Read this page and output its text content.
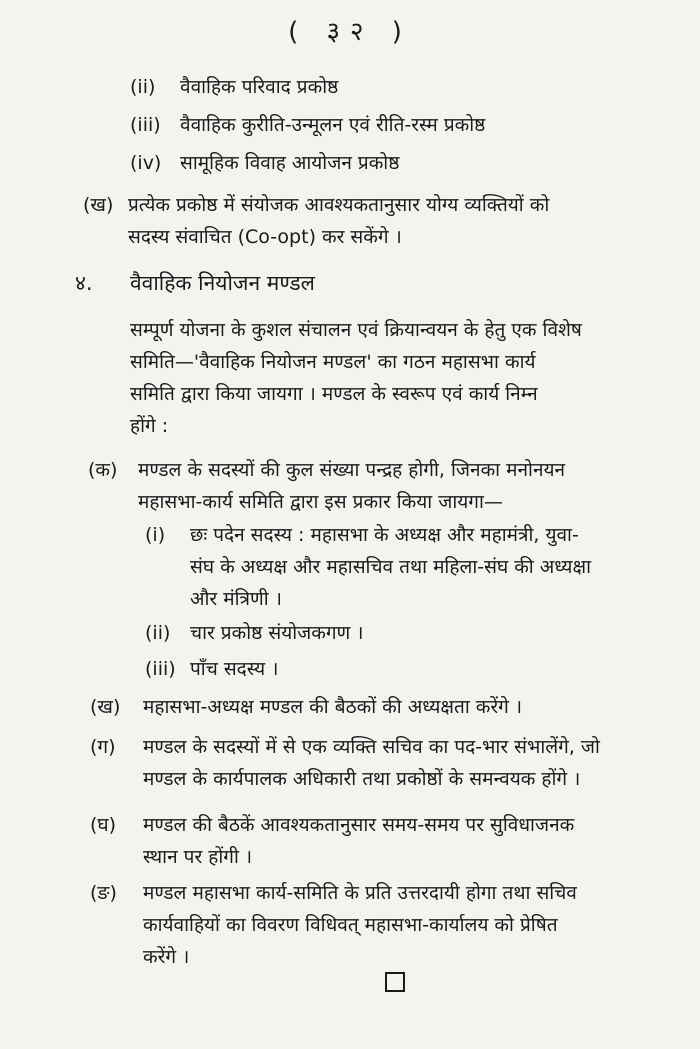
( ३२ )
(ii) वैवाहिक परिवाद प्रकोष्ठ
(iii) वैवाहिक कुरीति-उन्मूलन एवं रीति-रस्म प्रकोष्ठ
(iv) सामूहिक विवाह आयोजन प्रकोष्ठ
(ख) प्रत्येक प्रकोष्ठ में संयोजक आवश्यकतानुसार योग्य व्यक्तियों को
सदस्य संवाचित (Co-opt) कर सकेंगे ।
४. वैवाहिक नियोजन मण्डल
सम्पूर्ण योजना के कुशल संचालन एवं क्रियान्वयन के हेतु एक विशेष
समिति—'वैवाहिक नियोजन मण्डल' का गठन महासभा कार्य
समिति द्वारा किया जायगा । मण्डल के स्वरूप एवं कार्य निम्न
होंगे :
(क) मण्डल के सदस्यों की कुल संख्या पन्द्रह होगी, जिनका मनोनयन
महासभा-कार्य समिति द्वारा इस प्रकार किया जायगा—
(i) छः पदेन सदस्य : महासभा के अध्यक्ष और महामंत्री, युवा-
संघ के अध्यक्ष और महासचिव तथा महिला-संघ की अध्यक्षा
और मंत्रिणी ।
(ii) चार प्रकोष्ठ संयोजकगण ।
(iii) पाँच सदस्य ।
(ख) महासभा-अध्यक्ष मण्डल की बैठकों की अध्यक्षता करेंगे ।
(ग) मण्डल के सदस्यों में से एक व्यक्ति सचिव का पद-भार संभालेंगे, जो
मण्डल के कार्यपालक अधिकारी तथा प्रकोष्ठों के समन्वयक होंगे ।
(घ) मण्डल की बैठकें आवश्यकतानुसार समय-समय पर सुविधाजनक
स्थान पर होंगी ।
(ङ) मण्डल महासभा कार्य-समिति के प्रति उत्तरदायी होगा तथा सचिव
कार्यवाहियों का विवरण विधिवत् महासभा-कार्यालय को प्रेषित
करेंगे ।
